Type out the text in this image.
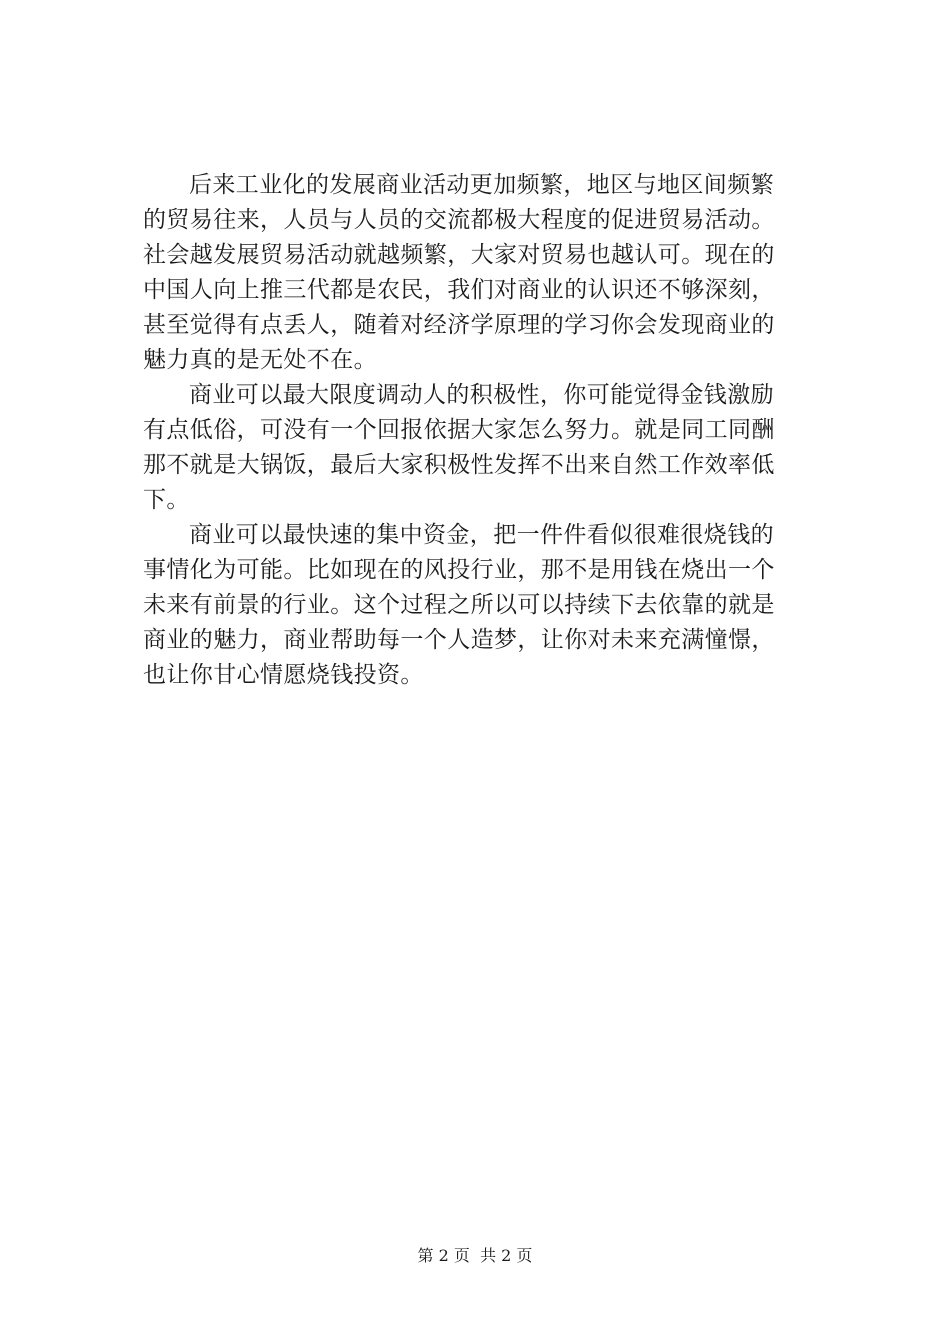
后来工业化的发展商业活动更加频繁，地区与地区间频繁
的贸易往来，人员与人员的交流都极大程度的促进贸易活动。
社会越发展贸易活动就越频繁，大家对贸易也越认可。现在的
中国人向上推三代都是农民，我们对商业的认识还不够深刻，
甚至觉得有点丢人，随着对经济学原理的学习你会发现商业的
魅力真的是无处不在。
商业可以最大限度调动人的积极性，你可能觉得金钱激励
有点低俗，可没有一个回报依据大家怎么努力。就是同工同酬
那不就是大锅饭，最后大家积极性发挥不出来自然工作效率低
下。
商业可以最快速的集中资金，把一件件看似很难很烧钱的
事情化为可能。比如现在的风投行业，那不是用钱在烧出一个
未来有前景的行业。这个过程之所以可以持续下去依靠的就是
商业的魅力，商业帮助每一个人造梦，让你对未来充满憧憬，
也让你甘心情愿烧钱投资。
第 2 页  共 2 页
